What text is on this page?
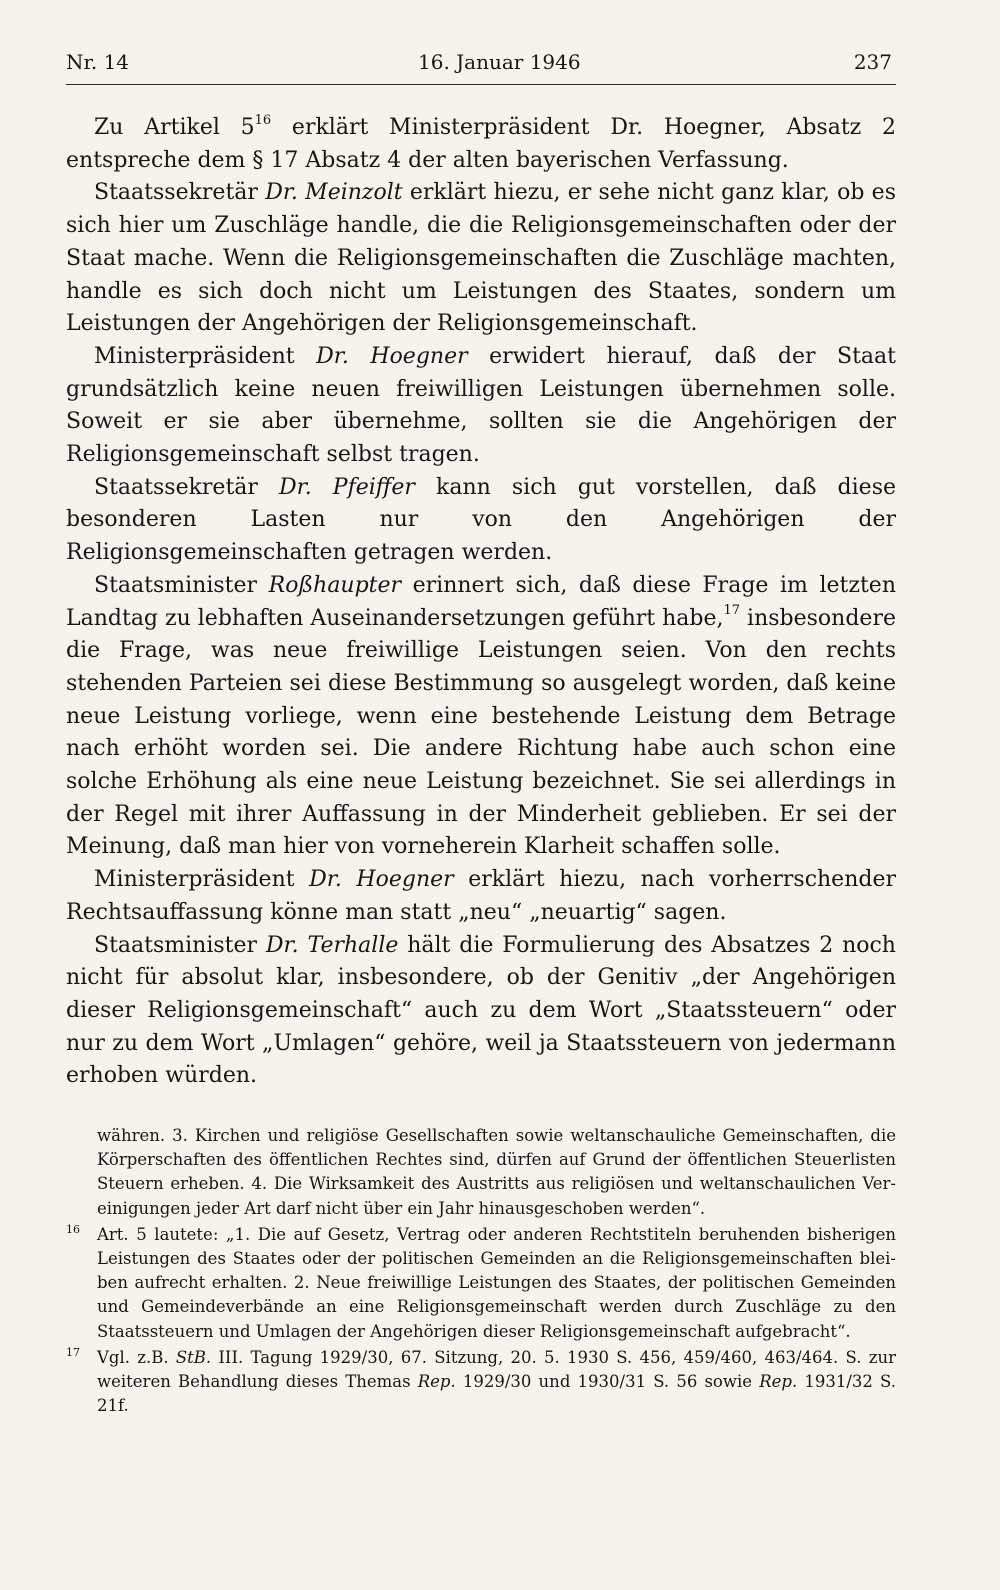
Nr. 14	16. Januar 1946	237

Zu Artikel $5^{16}$ erklärt Ministerpräsident Dr. Hoegner, Absatz 2 entspreche dem § 17 Absatz 4 der alten bayerischen Verfassung.

Staatssekretär Dr. Meinzolt erklärt hiezu, er sehe nicht ganz klar, ob es sich hier um Zuschläge handle, die die Religionsgemeinschaften oder der Staat mache. Wenn die Religionsgemeinschaften die Zuschläge machten, handle es sich doch nicht um Leistungen des Staates, sondern um Leistungen der Angehörigen der Religionsgemeinschaft.

Ministerpräsident Dr. Hoegner erwidert hierauf, daß der Staat grundsätzlich keine neuen freiwilligen Leistungen übernehmen solle. Soweit er sie aber übernehme, sollten sie die Angehörigen der Religionsgemeinschaft selbst tragen.

Staatssekretär Dr. Pfeiffer kann sich gut vorstellen, daß diese besonderen Lasten nur von den Angehörigen der Religionsgemeinschaften getragen werden.

Staatsminister Roßhaupter erinnert sich, daß diese Frage im letzten Landtag zu lebhaften Auseinandersetzungen geführt habe,$^{17}$ insbesondere die Frage, was neue freiwillige Leistungen seien. Von den rechts stehenden Parteien sei diese Bestimmung so ausgelegt worden, daß keine neue Leistung vorliege, wenn eine bestehende Leistung dem Betrage nach erhöht worden sei. Die andere Richtung habe auch schon eine solche Erhöhung als eine neue Leistung bezeichnet. Sie sei allerdings in der Regel mit ihrer Auffassung in der Minderheit geblieben. Er sei der Meinung, daß man hier von vorneherein Klarheit schaffen solle.

Ministerpräsident Dr. Hoegner erklärt hiezu, nach vorherrschender Rechtsauffassung könne man statt „neu“ „neuartig“ sagen.

Staatsminister Dr. Terhalle hält die Formulierung des Absatzes 2 noch nicht für absolut klar, insbesondere, ob der Genitiv „der Angehörigen dieser Religionsgemeinschaft“ auch zu dem Wort „Staatssteuern“ oder nur zu dem Wort „Umlagen“ gehöre, weil ja Staatssteuern von jedermann erhoben würden.

währen. 3. Kirchen und religiöse Gesellschaften sowie weltanschauliche Gemeinschaften, die Körperschaften des öffentlichen Rechtes sind, dürfen auf Grund der öffentlichen Steuerlisten Steuern erheben. 4. Die Wirksamkeit des Austritts aus religiösen und weltanschaulichen Vereinigungen jeder Art darf nicht über ein Jahr hinausgeschoben werden“.

16 Art. 5 lautete: „1. Die auf Gesetz, Vertrag oder anderen Rechtstiteln beruhenden bisherigen Leistungen des Staates oder der politischen Gemeinden an die Religionsgemeinschaften bleiben aufrecht erhalten. 2. Neue freiwillige Leistungen des Staates, der politischen Gemeinden und Gemeindeverbände an eine Religionsgemeinschaft werden durch Zuschläge zu den Staatssteuern und Umlagen der Angehörigen dieser Religionsgemeinschaft aufgebracht“.

17 Vgl. z.B. StB. III. Tagung 1929/30, 67. Sitzung, 20. 5. 1930 S. 456, 459/460, 463/464. S. zur weiteren Behandlung dieses Themas Rep. 1929/30 und 1930/31 S. 56 sowie Rep. 1931/32 S. 21f.
